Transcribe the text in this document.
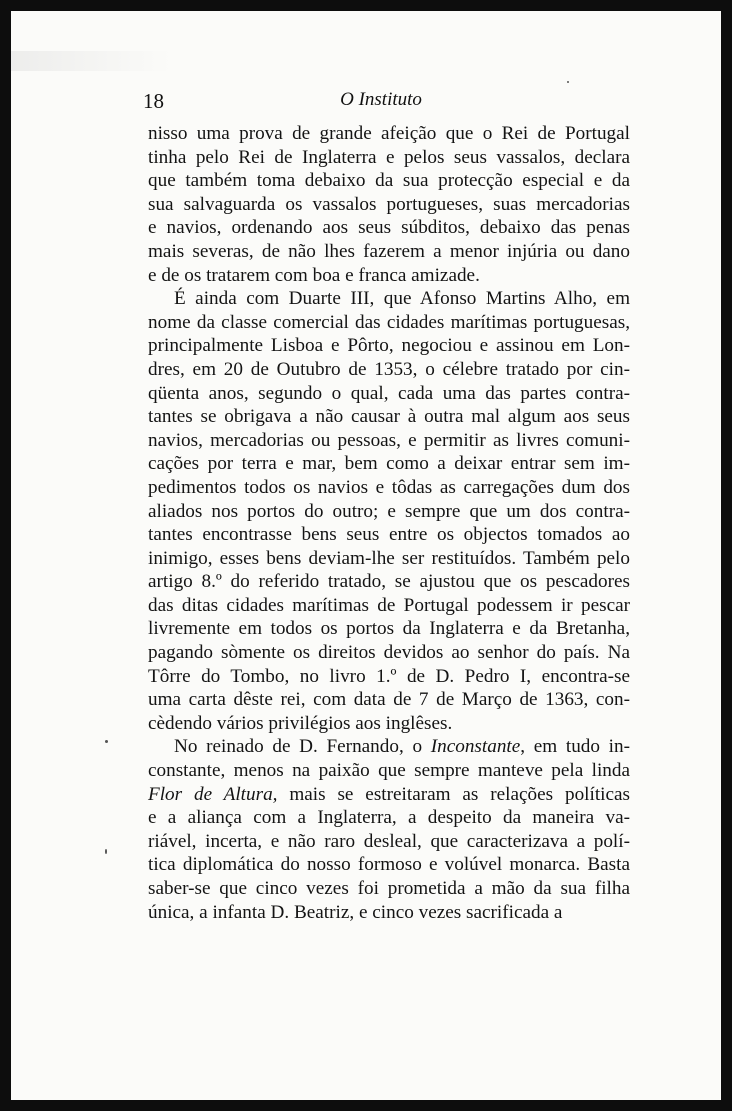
18	O Instituto
nisso uma prova de grande afeição que o Rei de Portugal
tinha pelo Rei de Inglaterra e pelos seus vassalos, declara
que também toma debaixo da sua protecção especial e da
sua salvaguarda os vassalos portugueses, suas mercadorias
e navios, ordenando aos seus súbditos, debaixo das penas
mais severas, de não lhes fazerem a menor injúria ou dano
e de os tratarem com boa e franca amizade.
É ainda com Duarte III, que Afonso Martins Alho, em
nome da classe comercial das cidades marítimas portuguesas,
principalmente Lisboa e Pôrto, negociou e assinou em Lon-
dres, em 20 de Outubro de 1353, o célebre tratado por cin-
qüenta anos, segundo o qual, cada uma das partes contra-
tantes se obrigava a não causar à outra mal algum aos seus
navios, mercadorias ou pessoas, e permitir as livres comuni-
cações por terra e mar, bem como a deixar entrar sem im-
pedimentos todos os navios e tôdas as carregações dum dos
aliados nos portos do outro; e sempre que um dos contra-
tantes encontrasse bens seus entre os objectos tomados ao
inimigo, esses bens deviam-lhe ser restituídos. Também pelo
artigo 8.º do referido tratado, se ajustou que os pescadores
das ditas cidades marítimas de Portugal podessem ir pescar
livremente em todos os portos da Inglaterra e da Bretanha,
pagando sòmente os direitos devidos ao senhor do país. Na
Tôrre do Tombo, no livro 1.º de D. Pedro I, encontra-se
uma carta dêste rei, com data de 7 de Março de 1363, con-
cèdendo vários privilégios aos inglêses.
No reinado de D. Fernando, o Inconstante, em tudo in-
constante, menos na paixão que sempre manteve pela linda
Flor de Altura, mais se estreitaram as relações políticas
e a aliança com a Inglaterra, a despeito da maneira va-
riável, incerta, e não raro desleal, que caracterizava a polí-
tica diplomática do nosso formoso e volúvel monarca. Basta
saber-se que cinco vezes foi prometida a mão da sua filha
única, a infanta D. Beatriz, e cinco vezes sacrificada a
